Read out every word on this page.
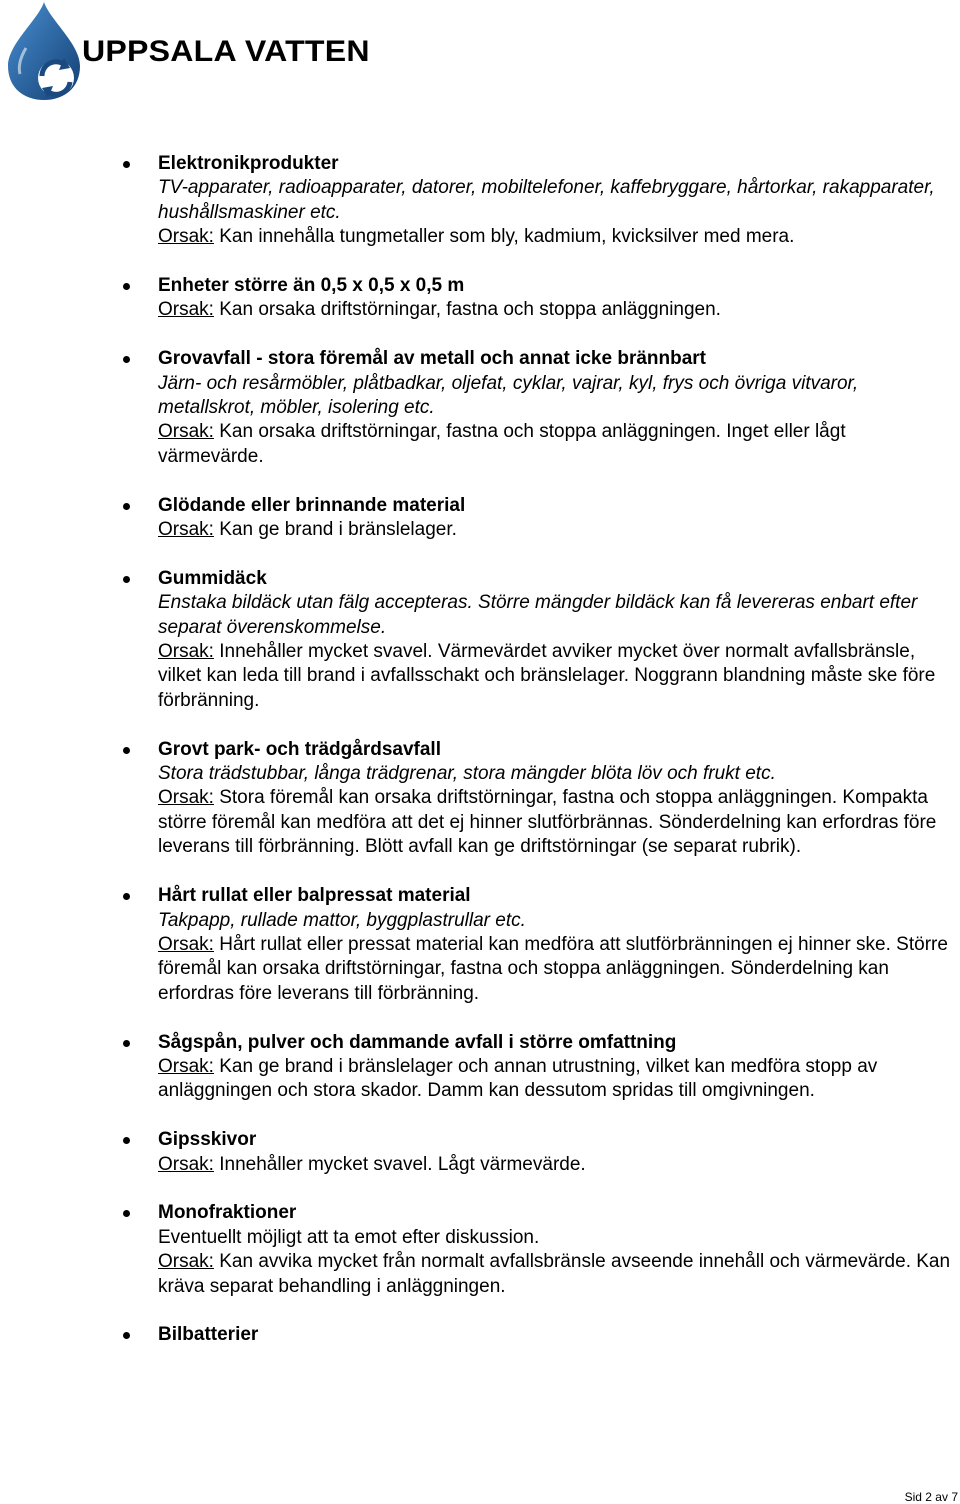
UPPSALA VATTEN
Elektronikprodukter
TV-apparater, radioapparater, datorer, mobiltelefoner, kaffebryggare, hårtorkar, rakapparater, hushållsmaskiner etc.
Orsak: Kan innehålla tungmetaller som bly, kadmium, kvicksilver med mera.
Enheter större än 0,5 x 0,5 x 0,5 m
Orsak: Kan orsaka driftstörningar, fastna och stoppa anläggningen.
Grovavfall - stora föremål av metall och annat icke brännbart
Järn- och resårmöbler, plåtbadkar, oljefat, cyklar, vajrar, kyl, frys och övriga vitvaror, metallskrot, möbler, isolering etc.
Orsak: Kan orsaka driftstörningar, fastna och stoppa anläggningen. Inget eller lågt värmevärde.
Glödande eller brinnande material
Orsak: Kan ge brand i bränslelager.
Gummidäck
Enstaka bildäck utan fälg accepteras. Större mängder bildäck kan få levereras enbart efter separat överenskommelse.
Orsak: Innehåller mycket svavel. Värmevärdet avviker mycket över normalt avfallsbränsle, vilket kan leda till brand i avfallsschakt och bränslelager. Noggrann blandning måste ske före förbränning.
Grovt park- och trädgårdsavfall
Stora trädstubbar, långa trädgrenar, stora mängder blöta löv och frukt etc.
Orsak: Stora föremål kan orsaka driftstörningar, fastna och stoppa anläggningen. Kompakta större föremål kan medföra att det ej hinner slutförbrännas. Sönderdelning kan erfordras före leverans till förbränning. Blött avfall kan ge driftstörningar (se separat rubrik).
Hårt rullat eller balpressat material
Takpapp, rullade mattor, byggplastrullar etc.
Orsak: Hårt rullat eller pressat material kan medföra att slutförbränningen ej hinner ske. Större föremål kan orsaka driftstörningar, fastna och stoppa anläggningen. Sönderdelning kan erfordras före leverans till förbränning.
Sågspån, pulver och dammande avfall i större omfattning
Orsak: Kan ge brand i bränslelager och annan utrustning, vilket kan medföra stopp av anläggningen och stora skador. Damm kan dessutom spridas till omgivningen.
Gipsskivor
Orsak: Innehåller mycket svavel. Lågt värmevärde.
Monofraktioner
Eventuellt möjligt att ta emot efter diskussion.
Orsak: Kan avvika mycket från normalt avfallsbränsle avseende innehåll och värmevärde. Kan kräva separat behandling i anläggningen.
Bilbatterier
Sid 2 av 7
